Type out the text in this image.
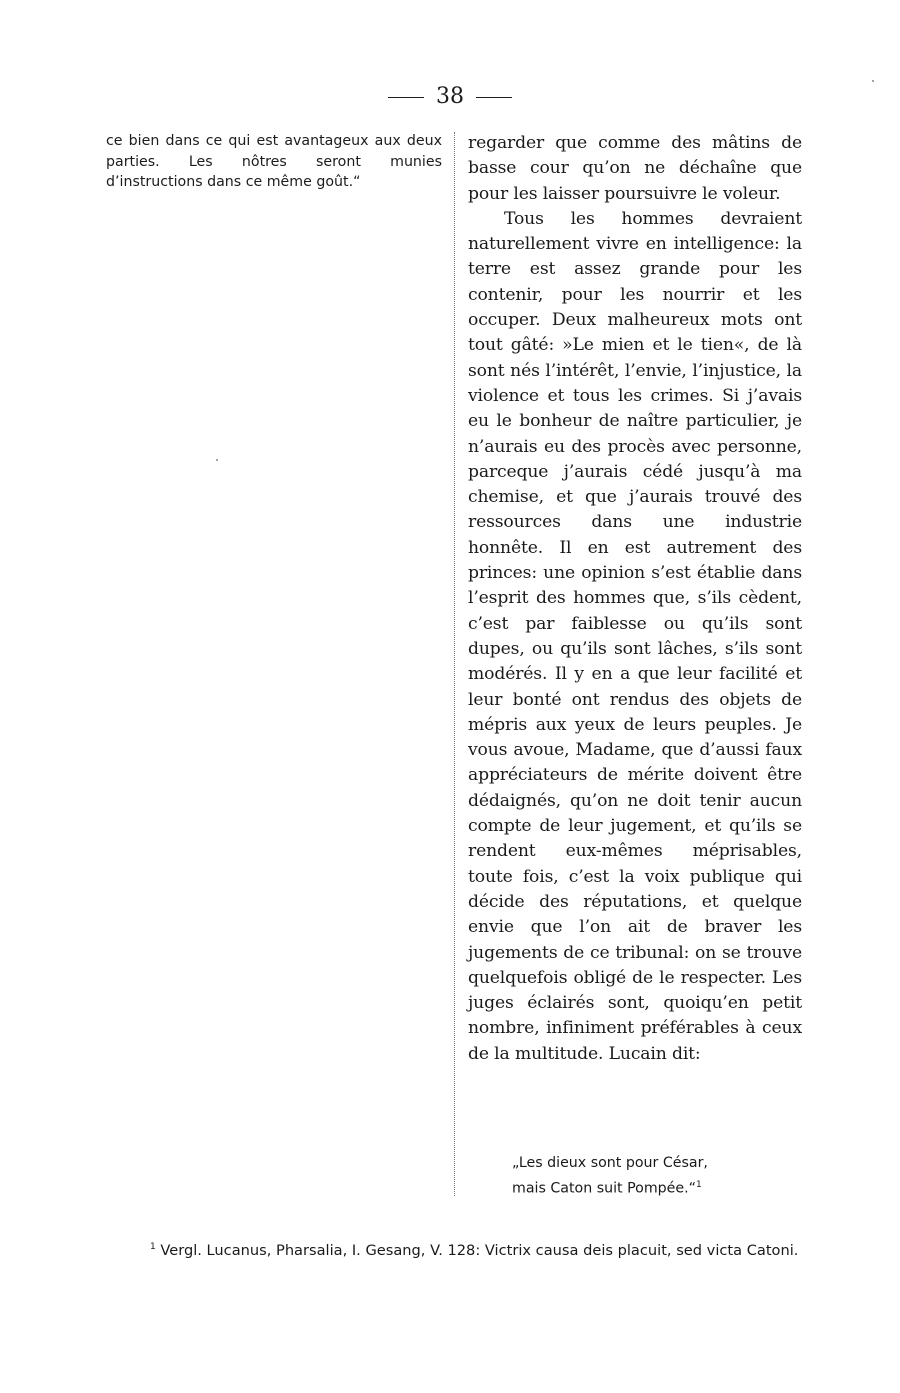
38

ce bien dans ce qui est avantageux aux deux parties. Les nôtres seront munies d’instructions dans ce même goût.“

regarder que comme des mâtins de basse cour qu’on ne déchaîne que pour les laisser poursuivre le voleur.

Tous les hommes devraient naturellement vivre en intelligence: la terre est assez grande pour les contenir, pour les nourrir et les occuper. Deux malheureux mots ont tout gâté: »Le mien et le tien«, de là sont nés l’intérêt, l’envie, l’injustice, la violence et tous les crimes. Si j’avais eu le bonheur de naître particulier, je n’aurais eu des procès avec personne, parceque j’aurais cédé jusqu’à ma chemise, et que j’aurais trouvé des ressources dans une industrie honnête. Il en est autrement des princes: une opinion s’est établie dans l’esprit des hommes que, s’ils cèdent, c’est par faiblesse ou qu’ils sont dupes, ou qu’ils sont lâches, s’ils sont modérés. Il y en a que leur facilité et leur bonté ont rendus des objets de mépris aux yeux de leurs peuples. Je vous avoue, Madame, que d’aussi faux appréciateurs de mérite doivent être dédaignés, qu’on ne doit tenir aucun compte de leur jugement, et qu’ils se rendent eux-mêmes méprisables, toute fois, c’est la voix publique qui décide des réputations, et quelque envie que l’on ait de braver les jugements de ce tribunal: on se trouve quelquefois obligé de le respecter. Les juges éclairés sont, quoiqu’en petit nombre, infiniment préférables à ceux de la multitude. Lucain dit:

„Les dieux sont pour César,
mais Caton suit Pompée.“$^1$

$^1$ Vergl. Lucanus, Pharsalia, I. Gesang, V. 128: Victrix causa deis placuit, sed victa Catoni.
